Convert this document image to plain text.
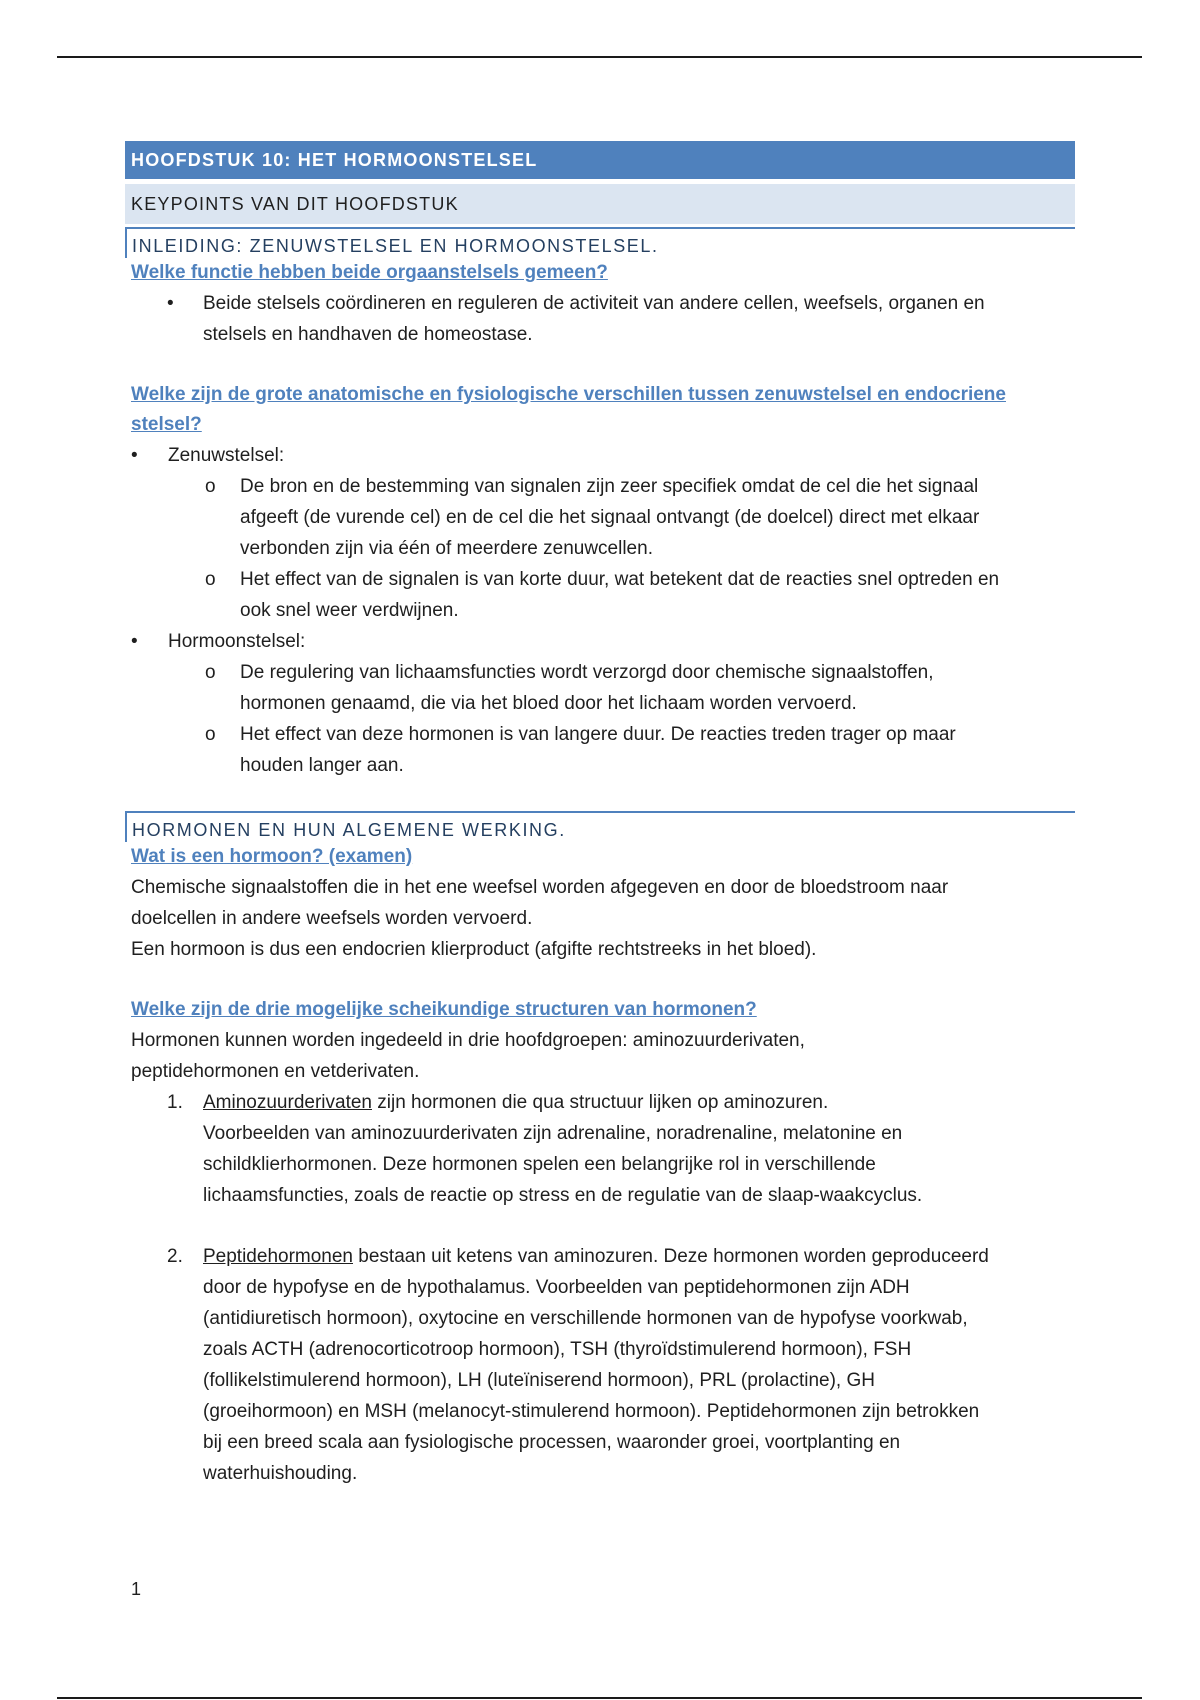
HOOFDSTUK 10: HET HORMOONSTELSEL
KEYPOINTS VAN DIT HOOFDSTUK
INLEIDING: ZENUWSTELSEL EN HORMOONSTELSEL.
Welke functie hebben beide orgaanstelsels gemeen?
• Beide stelsels coördineren en reguleren de activiteit van andere cellen, weefsels, organen en
stelsels en handhaven de homeostase.
Welke zijn de grote anatomische en fysiologische verschillen tussen zenuwstelsel en endocriene
stelsel?
• Zenuwstelsel:
o De bron en de bestemming van signalen zijn zeer specifiek omdat de cel die het signaal
afgeeft (de vurende cel) en de cel die het signaal ontvangt (de doelcel) direct met elkaar
verbonden zijn via één of meerdere zenuwcellen.
o Het effect van de signalen is van korte duur, wat betekent dat de reacties snel optreden en
ook snel weer verdwijnen.
• Hormoonstelsel:
o De regulering van lichaamsfuncties wordt verzorgd door chemische signaalstoffen,
hormonen genaamd, die via het bloed door het lichaam worden vervoerd.
o Het effect van deze hormonen is van langere duur. De reacties treden trager op maar
houden langer aan.
HORMONEN EN HUN ALGEMENE WERKING.
Wat is een hormoon? (examen)

Chemische signaalstoffen die in het ene weefsel worden afgegeven en door de bloedstroom naar

doelcellen in andere weefsels worden vervoerd.

Een hormoon is dus een endocrien klierproduct (afgifte rechtstreeks in het bloed).

Welke zijn de drie mogelijke scheikundige structuren van hormonen?

Hormonen kunnen worden ingedeeld in drie hoofdgroepen: aminozuurderivaten,

peptidehormonen en vetderivaten.

1. Aminozuurderivaten zijn hormonen die qua structuur lijken op aminozuren.
Voorbeelden van aminozuurderivaten zijn adrenaline, noradrenaline, melatonine en
schildklierhormonen. Deze hormonen spelen een belangrijke rol in verschillende
lichaamsfuncties, zoals de reactie op stress en de regulatie van de slaap-waakcyclus.
2. Peptidehormonen bestaan uit ketens van aminozuren. Deze hormonen worden geproduceerd
door de hypofyse en de hypothalamus. Voorbeelden van peptidehormonen zijn ADH
(antidiuretisch hormoon), oxytocine en verschillende hormonen van de hypofyse voorkwab,
zoals ACTH (adrenocorticotroop hormoon), TSH (thyroïdstimulerend hormoon), FSH
(follikelstimulerend hormoon), LH (luteïniserend hormoon), PRL (prolactine), GH
(groeihormoon) en MSH (melanocyt-stimulerend hormoon). Peptidehormonen zijn betrokken
bij een breed scala aan fysiologische processen, waaronder groei, voortplanting en
waterhuishouding.
1
